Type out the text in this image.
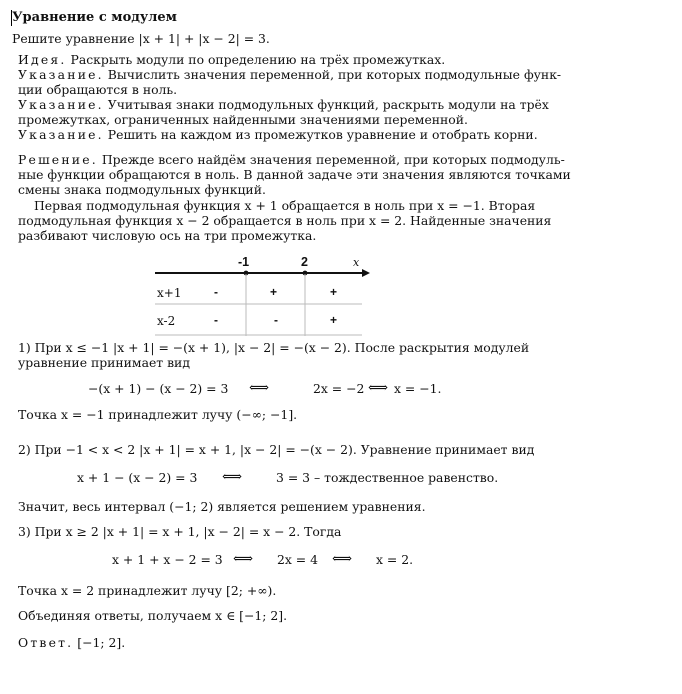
Уравнение с модулем
Решите уравнение |x + 1| + |x − 2| = 3.
Идея. Раскрыть модули по определению на трёх промежутках.
Указание. Вычислить значения переменной, при которых подмодульные функ-
ции обращаются в ноль.
Указание. Учитывая знаки подмодульных функций, раскрыть модули на трёх
промежутках, ограниченных найденными значениями переменной.
Указание. Решить на каждом из промежутков уравнение и отобрать корни.
Решение. Прежде всего найдём значения переменной, при которых подмодуль-
ные функции обращаются в ноль. В данной задаче эти значения являются точками
смены знака подмодульных функций.
Первая подмодульная функция x + 1 обращается в ноль при x = −1. Вторая
подмодульная функция x − 2 обращается в ноль при x = 2. Найденные значения
разбивают числовую ось на три промежутка.
-1	2	x
x+1	-	+	+
x-2	-	-	+
1) При x ≤ −1 |x + 1| = −(x + 1), |x − 2| = −(x − 2). После раскрытия модулей
уравнение принимает вид
−(x + 1) − (x − 2) = 3 ⟺	2x = −2 ⟺ x = −1.
Точка x = −1 принадлежит лучу (−∞; −1].
2) При −1 < x < 2 |x + 1| = x + 1, |x − 2| = −(x − 2). Уравнение принимает вид
x + 1 − (x − 2) = 3 ⟺	3 = 3 – тождественное равенство.
Значит, весь интервал (−1; 2) является решением уравнения.
3) При x ≥ 2 |x + 1| = x + 1, |x − 2| = x − 2. Тогда
x + 1 + x − 2 = 3 ⟺ 2x = 4 ⟺ x = 2.
Точка x = 2 принадлежит лучу [2; +∞).
Объединяя ответы, получаем x ∈ [−1; 2].
Ответ. [−1; 2].
